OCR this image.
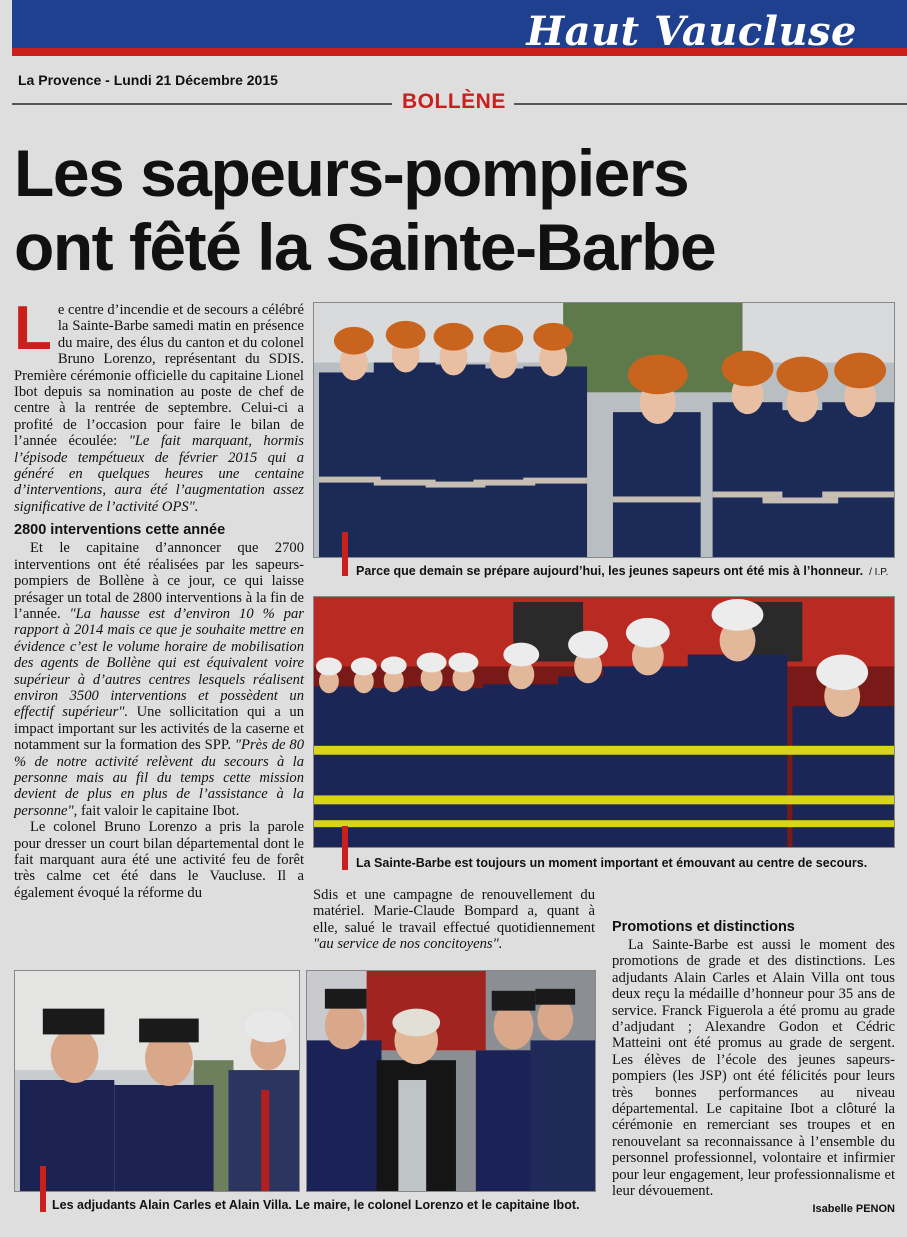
Haut Vaucluse
La Provence - Lundi 21 Décembre 2015
BOLLÈNE
Les sapeurs-pompiers
ont fêté la Sainte-Barbe

Le centre d’incendie et de secours a célébré la Sainte-Barbe samedi matin en présence du maire, des élus du canton et du colonel Bruno Lorenzo, représentant du SDIS. Première cérémonie officielle du capitaine Lionel Ibot depuis sa nomination au poste de chef de centre à la rentrée de septembre. Celui-ci a profité de l’occasion pour faire le bilan de l’année écoulée: "Le fait marquant, hormis l’épisode tempétueux de février 2015 qui a généré en quelques heures une centaine d’interventions, aura été l’augmentation assez significative de l’activité OPS".

2800 interventions cette année

Et le capitaine d’annoncer que 2700 interventions ont été réalisées par les sapeurs-pompiers de Bollène à ce jour, ce qui laisse présager un total de 2800 interventions à la fin de l’année. "La hausse est d’environ 10 % par rapport à 2014 mais ce que je souhaite mettre en évidence c’est le volume horaire de mobilisation des agents de Bollène qui est équivalent voire supérieur à d’autres centres lesquels réalisent environ 3500 interventions et possèdent un effectif supérieur". Une sollicitation qui a un impact important sur les activités de la caserne et notamment sur la formation des SPP. "Près de 80 % de notre activité relèvent du secours à la personne mais au fil du temps cette mission devient de plus en plus de l’assistance à la personne", fait valoir le capitaine Ibot.

Le colonel Bruno Lorenzo a pris la parole pour dresser un court bilan départemental dont le fait marquant aura été une activité feu de forêt très calme cet été dans le Vaucluse. Il a également évoqué la réforme du	Sdis et une campagne de renouvellement du matériel. Marie-Claude Bompard a, quant à elle, salué le travail effectué quotidiennement "au service de nos concitoyens".

Promotions et distinctions

La Sainte-Barbe est aussi le moment des promotions de grade et des distinctions. Les adjudants Alain Carles et Alain Villa ont tous deux reçu la médaille d’honneur pour 35 ans de service. Franck Figuerola a été promu au grade d’adjudant ; Alexandre Godon et Cédric Matteini ont été promus au grade de sergent. Les élèves de l’école des jeunes sapeurs-pompiers (les JSP) ont été félicités pour leurs très bonnes performances au niveau départemental. Le capitaine Ibot a clôturé la cérémonie en remerciant ses troupes et en renouvelant sa reconnaissance à l’ensemble du personnel professionnel, volontaire et infirmier pour leur engagement, leur professionnalisme et leur dévouement.

Isabelle PENON
Parce que demain se prépare aujourd’hui, les jeunes sapeurs ont été mis à l’honneur. / I.P.
La Sainte-Barbe est toujours un moment important et émouvant au centre de secours.
Les adjudants Alain Carles et Alain Villa. Le maire, le colonel Lorenzo et le capitaine Ibot.
